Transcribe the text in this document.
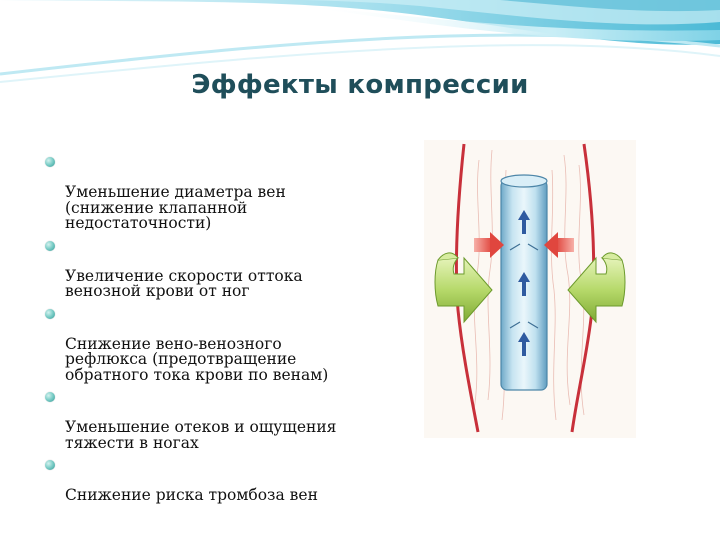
Эффекты компрессии

Уменьшение диаметра вен
(снижение клапанной
недостаточности)

Увеличение скорости оттока
венозной крови от ног

Снижение вено-венозного
рефлюкса (предотвращение
обратного тока крови по венам)

Уменьшение отеков и ощущения
тяжести в ногах

Снижение риска тромбоза вен
